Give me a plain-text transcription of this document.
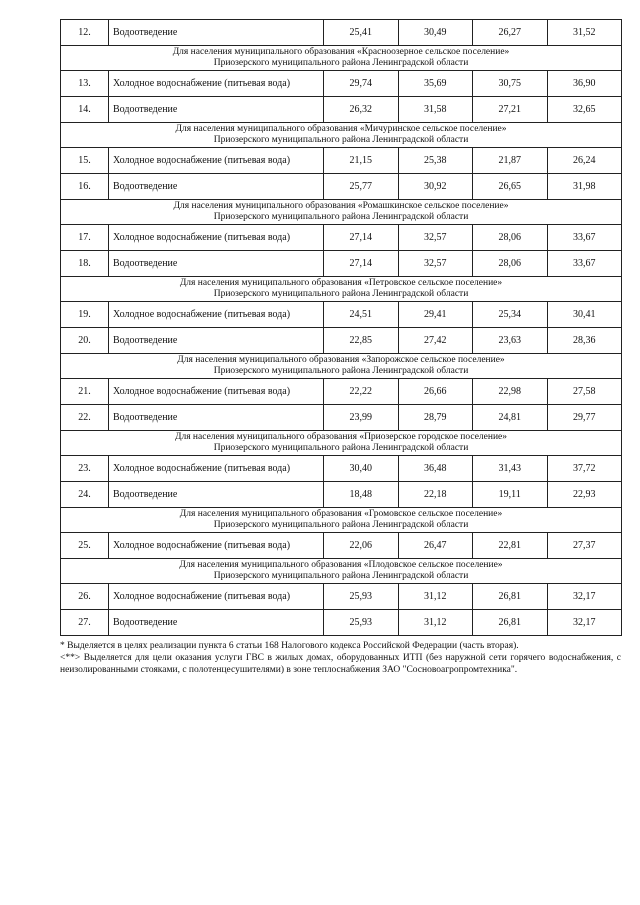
12.	Водоотведение	25,41	30,49	26,27	31,52

Для населения муниципального образования «Красноозерное сельское поселение»
Приозерского муниципального района Ленинградской области					

13.	Холодное водоснабжение (питьевая вода)	29,74	35,69	30,75	36,90
14.	Водоотведение	26,32	31,58	27,21	32,65

Для населения муниципального образования «Мичуринское сельское поселение»
Приозерского муниципального района Ленинградской области					

15.	Холодное водоснабжение (питьевая вода)	21,15	25,38	21,87	26,24
16.	Водоотведение	25,77	30,92	26,65	31,98

Для населения муниципального образования «Ромашкинское сельское поселение»
Приозерского муниципального района Ленинградской области					

17.	Холодное водоснабжение (питьевая вода)	27,14	32,57	28,06	33,67
18.	Водоотведение	27,14	32,57	28,06	33,67

Для населения муниципального образования «Петровское сельское поселение»
Приозерского муниципального района Ленинградской области					

19.	Холодное водоснабжение (питьевая вода)	24,51	29,41	25,34	30,41
20.	Водоотведение	22,85	27,42	23,63	28,36

Для населения муниципального образования «Запорожское сельское поселение»
Приозерского муниципального района Ленинградской области					

21.	Холодное водоснабжение (питьевая вода)	22,22	26,66	22,98	27,58
22.	Водоотведение	23,99	28,79	24,81	29,77

Для населения муниципального образования «Приозерское городское поселение»
Приозерского муниципального района Ленинградской области					

23.	Холодное водоснабжение (питьевая вода)	30,40	36,48	31,43	37,72
24.	Водоотведение	18,48	22,18	19,11	22,93

Для населения муниципального образования «Громовское сельское поселение»
Приозерского муниципального района Ленинградской области					

25.	Холодное водоснабжение (питьевая вода)	22,06	26,47	22,81	27,37

Для населения муниципального образования «Плодовское сельское поселение»
Приозерского муниципального района Ленинградской области					

26.	Холодное водоснабжение (питьевая вода)	25,93	31,12	26,81	32,17
27.	Водоотведение	25,93	31,12	26,81	32,17

* Выделяется в целях реализации пункта 6 статьи 168 Налогового кодекса Российской Федерации (часть вторая).

<**> Выделяется для цели оказания услуги ГВС в жилых домах, оборудованных ИТП (без наружной сети горячего водоснабжения, с неизолированными стояками, с полотенцесушителями) в зоне теплоснабжения ЗАО "Сосновоагропромтехника".
